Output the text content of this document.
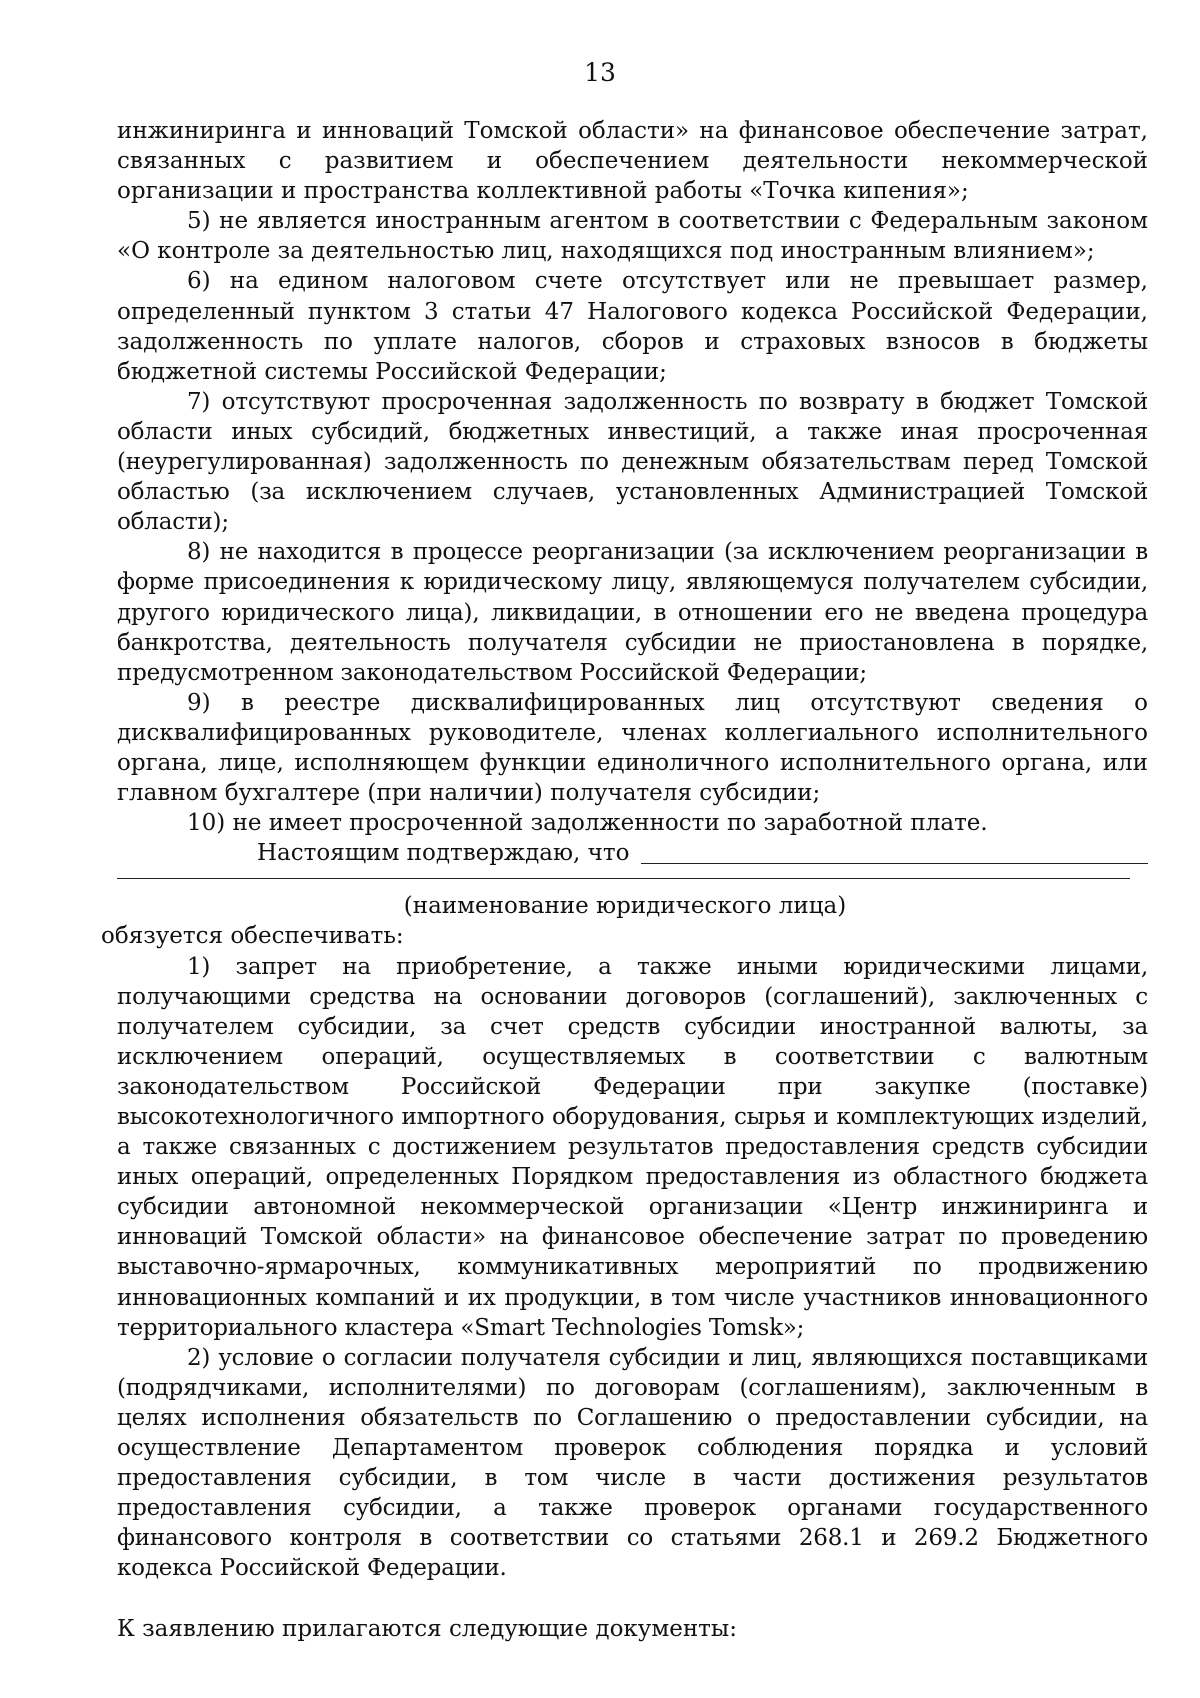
13

инжиниринга и инноваций Томской области» на финансовое обеспечение затрат, связанных с развитием и обеспечением деятельности некоммерческой организации и пространства коллективной работы «Точка кипения»;

5) не является иностранным агентом в соответствии с Федеральным законом «О контроле за деятельностью лиц, находящихся под иностранным влиянием»;

6) на едином налоговом счете отсутствует или не превышает размер, определенный пунктом 3 статьи 47 Налогового кодекса Российской Федерации, задолженность по уплате налогов, сборов и страховых взносов в бюджеты бюджетной системы Российской Федерации;

7) отсутствуют просроченная задолженность по возврату в бюджет Томской области иных субсидий, бюджетных инвестиций, а также иная просроченная (неурегулированная) задолженность по денежным обязательствам перед Томской областью (за исключением случаев, установленных Администрацией Томской области);

8) не находится в процессе реорганизации (за исключением реорганизации в форме присоединения к юридическому лицу, являющемуся получателем субсидии, другого юридического лица), ликвидации, в отношении его не введена процедура банкротства, деятельность получателя субсидии не приостановлена в порядке, предусмотренном законодательством Российской Федерации;

9) в реестре дисквалифицированных лиц отсутствуют сведения о дисквалифицированных руководителе, членах коллегиального исполнительного органа, лице, исполняющем функции единоличного исполнительного органа, или главном бухгалтере (при наличии) получателя субсидии;

10) не имеет просроченной задолженности по заработной плате.

Настоящим подтверждаю, что

(наименование юридического лица)

обязуется обеспечивать:

1) запрет на приобретение, а также иными юридическими лицами, получающими средства на основании договоров (соглашений), заключенных с получателем субсидии, за счет средств субсидии иностранной валюты, за исключением операций, осуществляемых в соответствии с валютным законодательством Российской Федерации при закупке (поставке) высокотехнологичного импортного оборудования, сырья и комплектующих изделий, а также связанных с достижением результатов предоставления средств субсидии иных операций, определенных Порядком предоставления из областного бюджета субсидии автономной некоммерческой организации «Центр инжиниринга и инноваций Томской области» на финансовое обеспечение затрат по проведению выставочно-ярмарочных, коммуникативных мероприятий по продвижению инновационных компаний и их продукции, в том числе участников инновационного территориального кластера «Smart Technologies Tomsk»;

2) условие о согласии получателя субсидии и лиц, являющихся поставщиками (подрядчиками, исполнителями) по договорам (соглашениям), заключенным в целях исполнения обязательств по Соглашению о предоставлении субсидии, на осуществление Департаментом проверок соблюдения порядка и условий предоставления субсидии, в том числе в части достижения результатов предоставления субсидии, а также проверок органами государственного финансового контроля в соответствии со статьями 268.1 и 269.2 Бюджетного кодекса Российской Федерации.

К заявлению прилагаются следующие документы:
